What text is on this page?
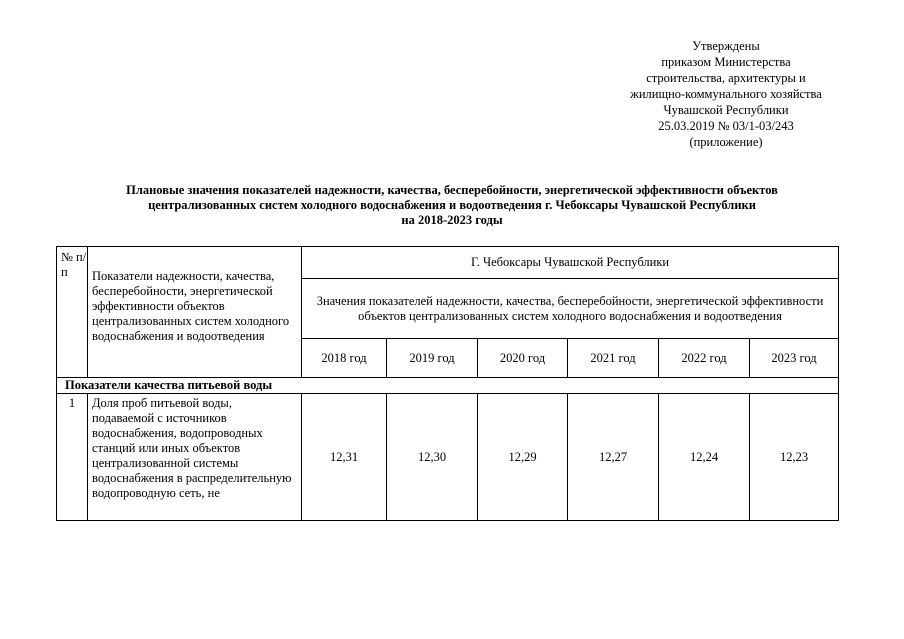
Утверждены
приказом Министерства
строительства, архитектуры и
жилищно-коммунального хозяйства
Чувашской Республики
25.03.2019 № 03/1-03/243
(приложение)
Плановые значения показателей надежности, качества, бесперебойности, энергетической эффективности объектов
централизованных систем холодного водоснабжения и водоотведения г. Чебоксары Чувашской Республики
на 2018-2023 годы
№ п/п	Показатели надежности, качества, бесперебойности, энергетической эффективности объектов централизованных систем холодного водоснабжения и водоотведения	Г. Чебоксары Чувашской Республики					
		Значения показателей надежности, качества, бесперебойности, энергетической эффективности объектов централизованных систем холодного водоснабжения и водоотведения					
		2018 год	2019 год	2020 год	2021 год	2022 год	2023 год
Показатели качества питьевой воды							
1	Доля проб питьевой воды, подаваемой с источников водоснабжения, водопроводных станций или иных объектов централизованной системы водоснабжения в распределительную водопроводную сеть, не	12,31	12,30	12,29	12,27	12,24	12,23
